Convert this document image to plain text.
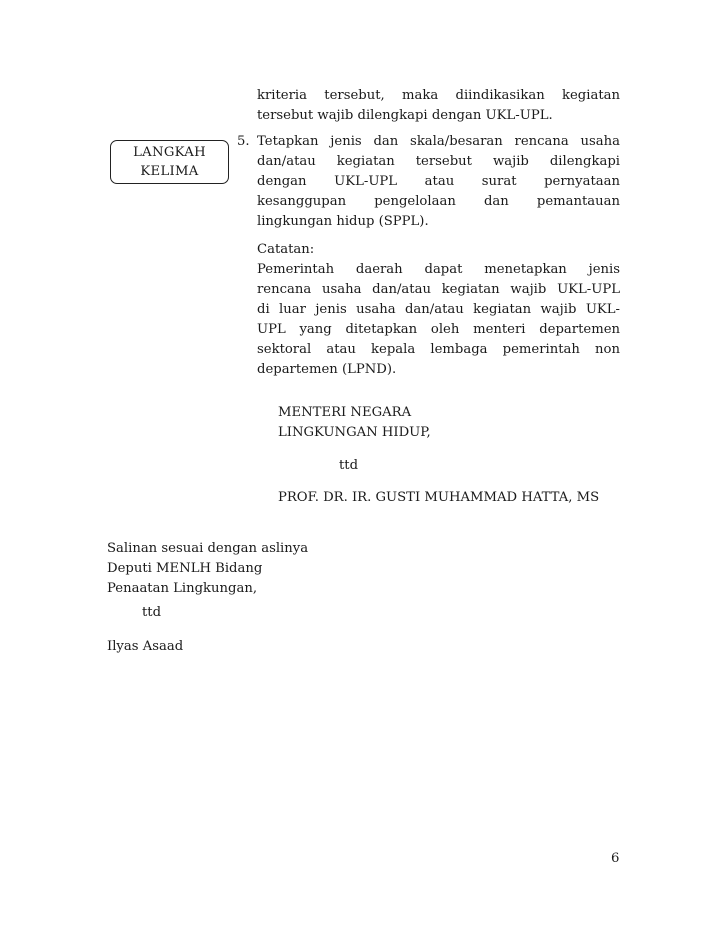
kriteria tersebut, maka diindikasikan kegiatan
tersebut wajib dilengkapi dengan UKL-UPL.
LANGKAH
KELIMA
5. Tetapkan jenis dan skala/besaran rencana usaha
dan/atau kegiatan tersebut wajib dilengkapi
dengan UKL-UPL atau surat pernyataan
kesanggupan pengelolaan dan pemantauan
lingkungan hidup (SPPL).
Catatan:
Pemerintah daerah dapat menetapkan jenis
rencana usaha dan/atau kegiatan wajib UKL-UPL
di luar jenis usaha dan/atau kegiatan wajib UKL-
UPL yang ditetapkan oleh menteri departemen
sektoral atau kepala lembaga pemerintah non
departemen (LPND).
MENTERI NEGARA
LINGKUNGAN HIDUP,
ttd
PROF. DR. IR. GUSTI MUHAMMAD HATTA, MS
Salinan sesuai dengan aslinya
Deputi MENLH Bidang
Penaatan Lingkungan,
ttd
Ilyas Asaad
6
